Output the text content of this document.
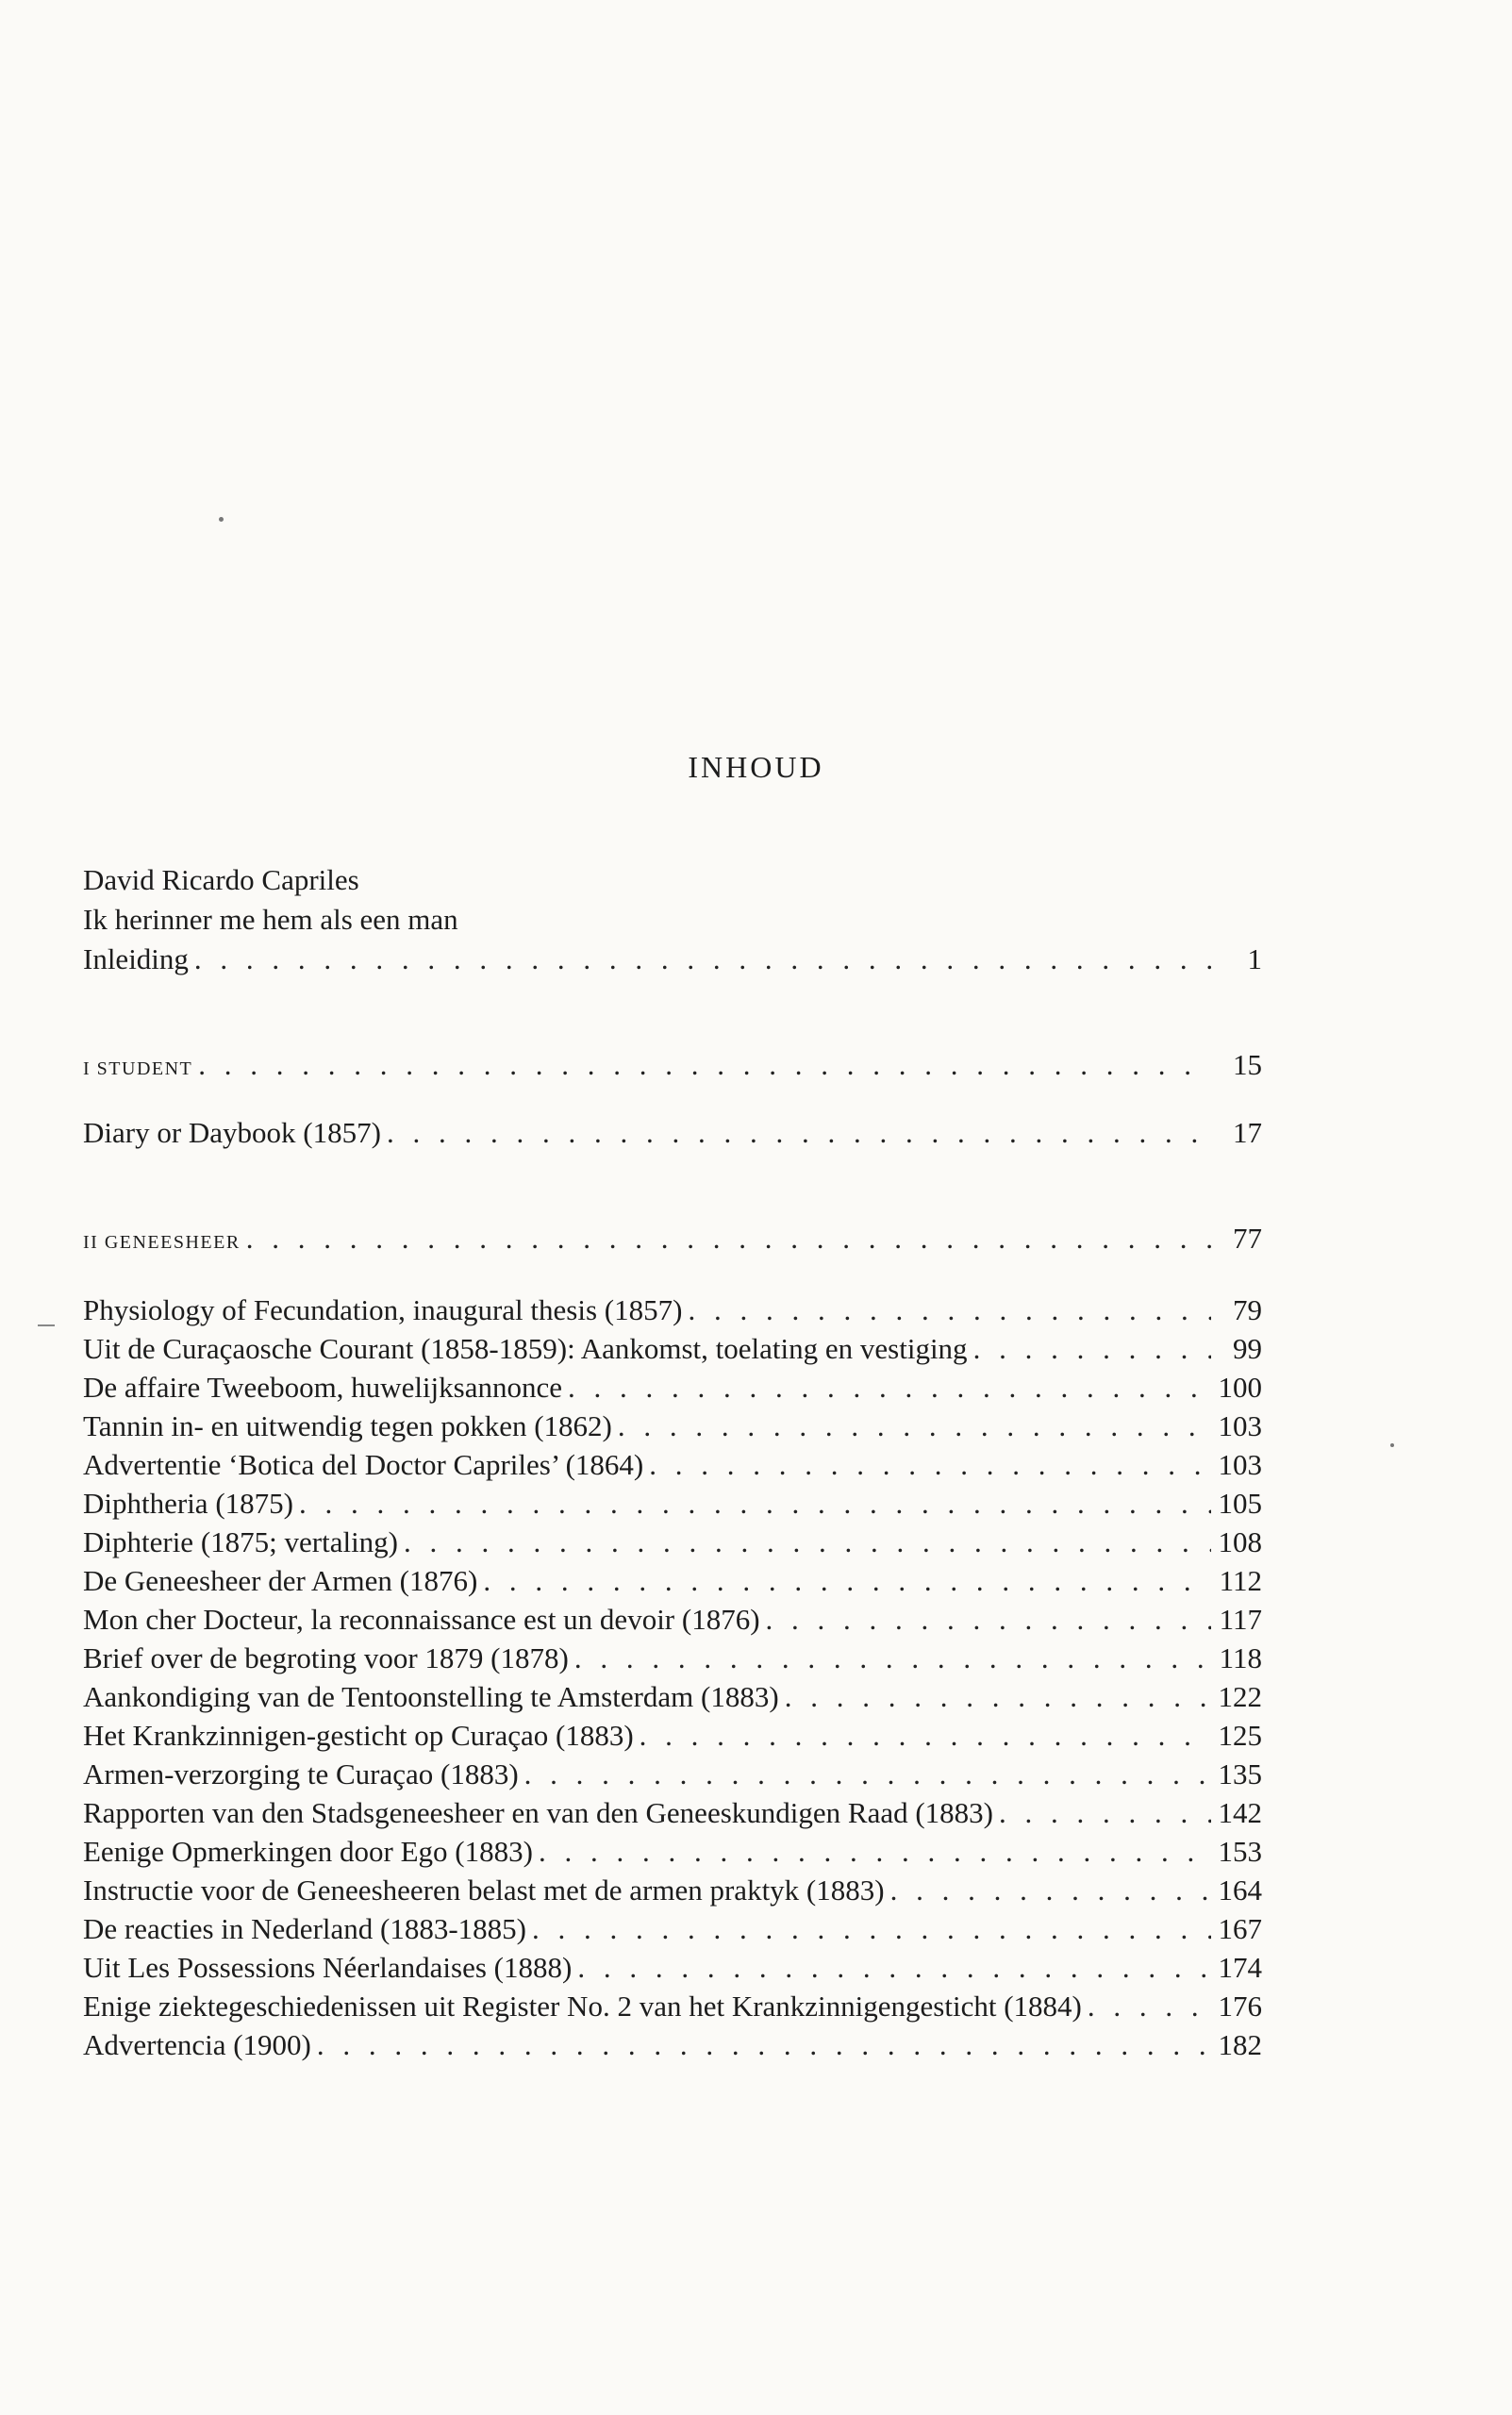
INHOUD
David Ricardo Capriles
Ik herinner me hem als een man
Inleiding . . .	1
I STUDENT . . .	15
Diary or Daybook (1857) . . .	17
II GENEESHEER . . .	77
Physiology of Fecundation, inaugural thesis (1857) . . .	79
Uit de Curaçaosche Courant (1858-1859): Aankomst, toelating en vestiging . . .	99
De affaire Tweeboom, huwelijksannonce . . .	100
Tannin in- en uitwendig tegen pokken (1862) . . .	103
Advertentie ‘Botica del Doctor Capriles’ (1864) . . .	103
Diphtheria (1875) . . .	105
Diphterie (1875; vertaling) . . .	108
De Geneesheer der Armen (1876) . . .	112
Mon cher Docteur, la reconnaissance est un devoir (1876) . . .	117
Brief over de begroting voor 1879 (1878) . . .	118
Aankondiging van de Tentoonstelling te Amsterdam (1883) . . .	122
Het Krankzinnigen-gesticht op Curaçao (1883) . . .	125
Armen-verzorging te Curaçao (1883) . . .	135
Rapporten van den Stadsgeneesheer en van den Geneeskundigen Raad (1883) . . .	142
Eenige Opmerkingen door Ego (1883) . . .	153
Instructie voor de Geneesheeren belast met de armen praktyk (1883) . . .	164
De reacties in Nederland (1883-1885) . . .	167
Uit Les Possessions Néerlandaises (1888) . . .	174
Enige ziektegeschiedenissen uit Register No. 2 van het Krankzinnigengesticht (1884) . . .	176
Advertencia (1900) . . .	182
